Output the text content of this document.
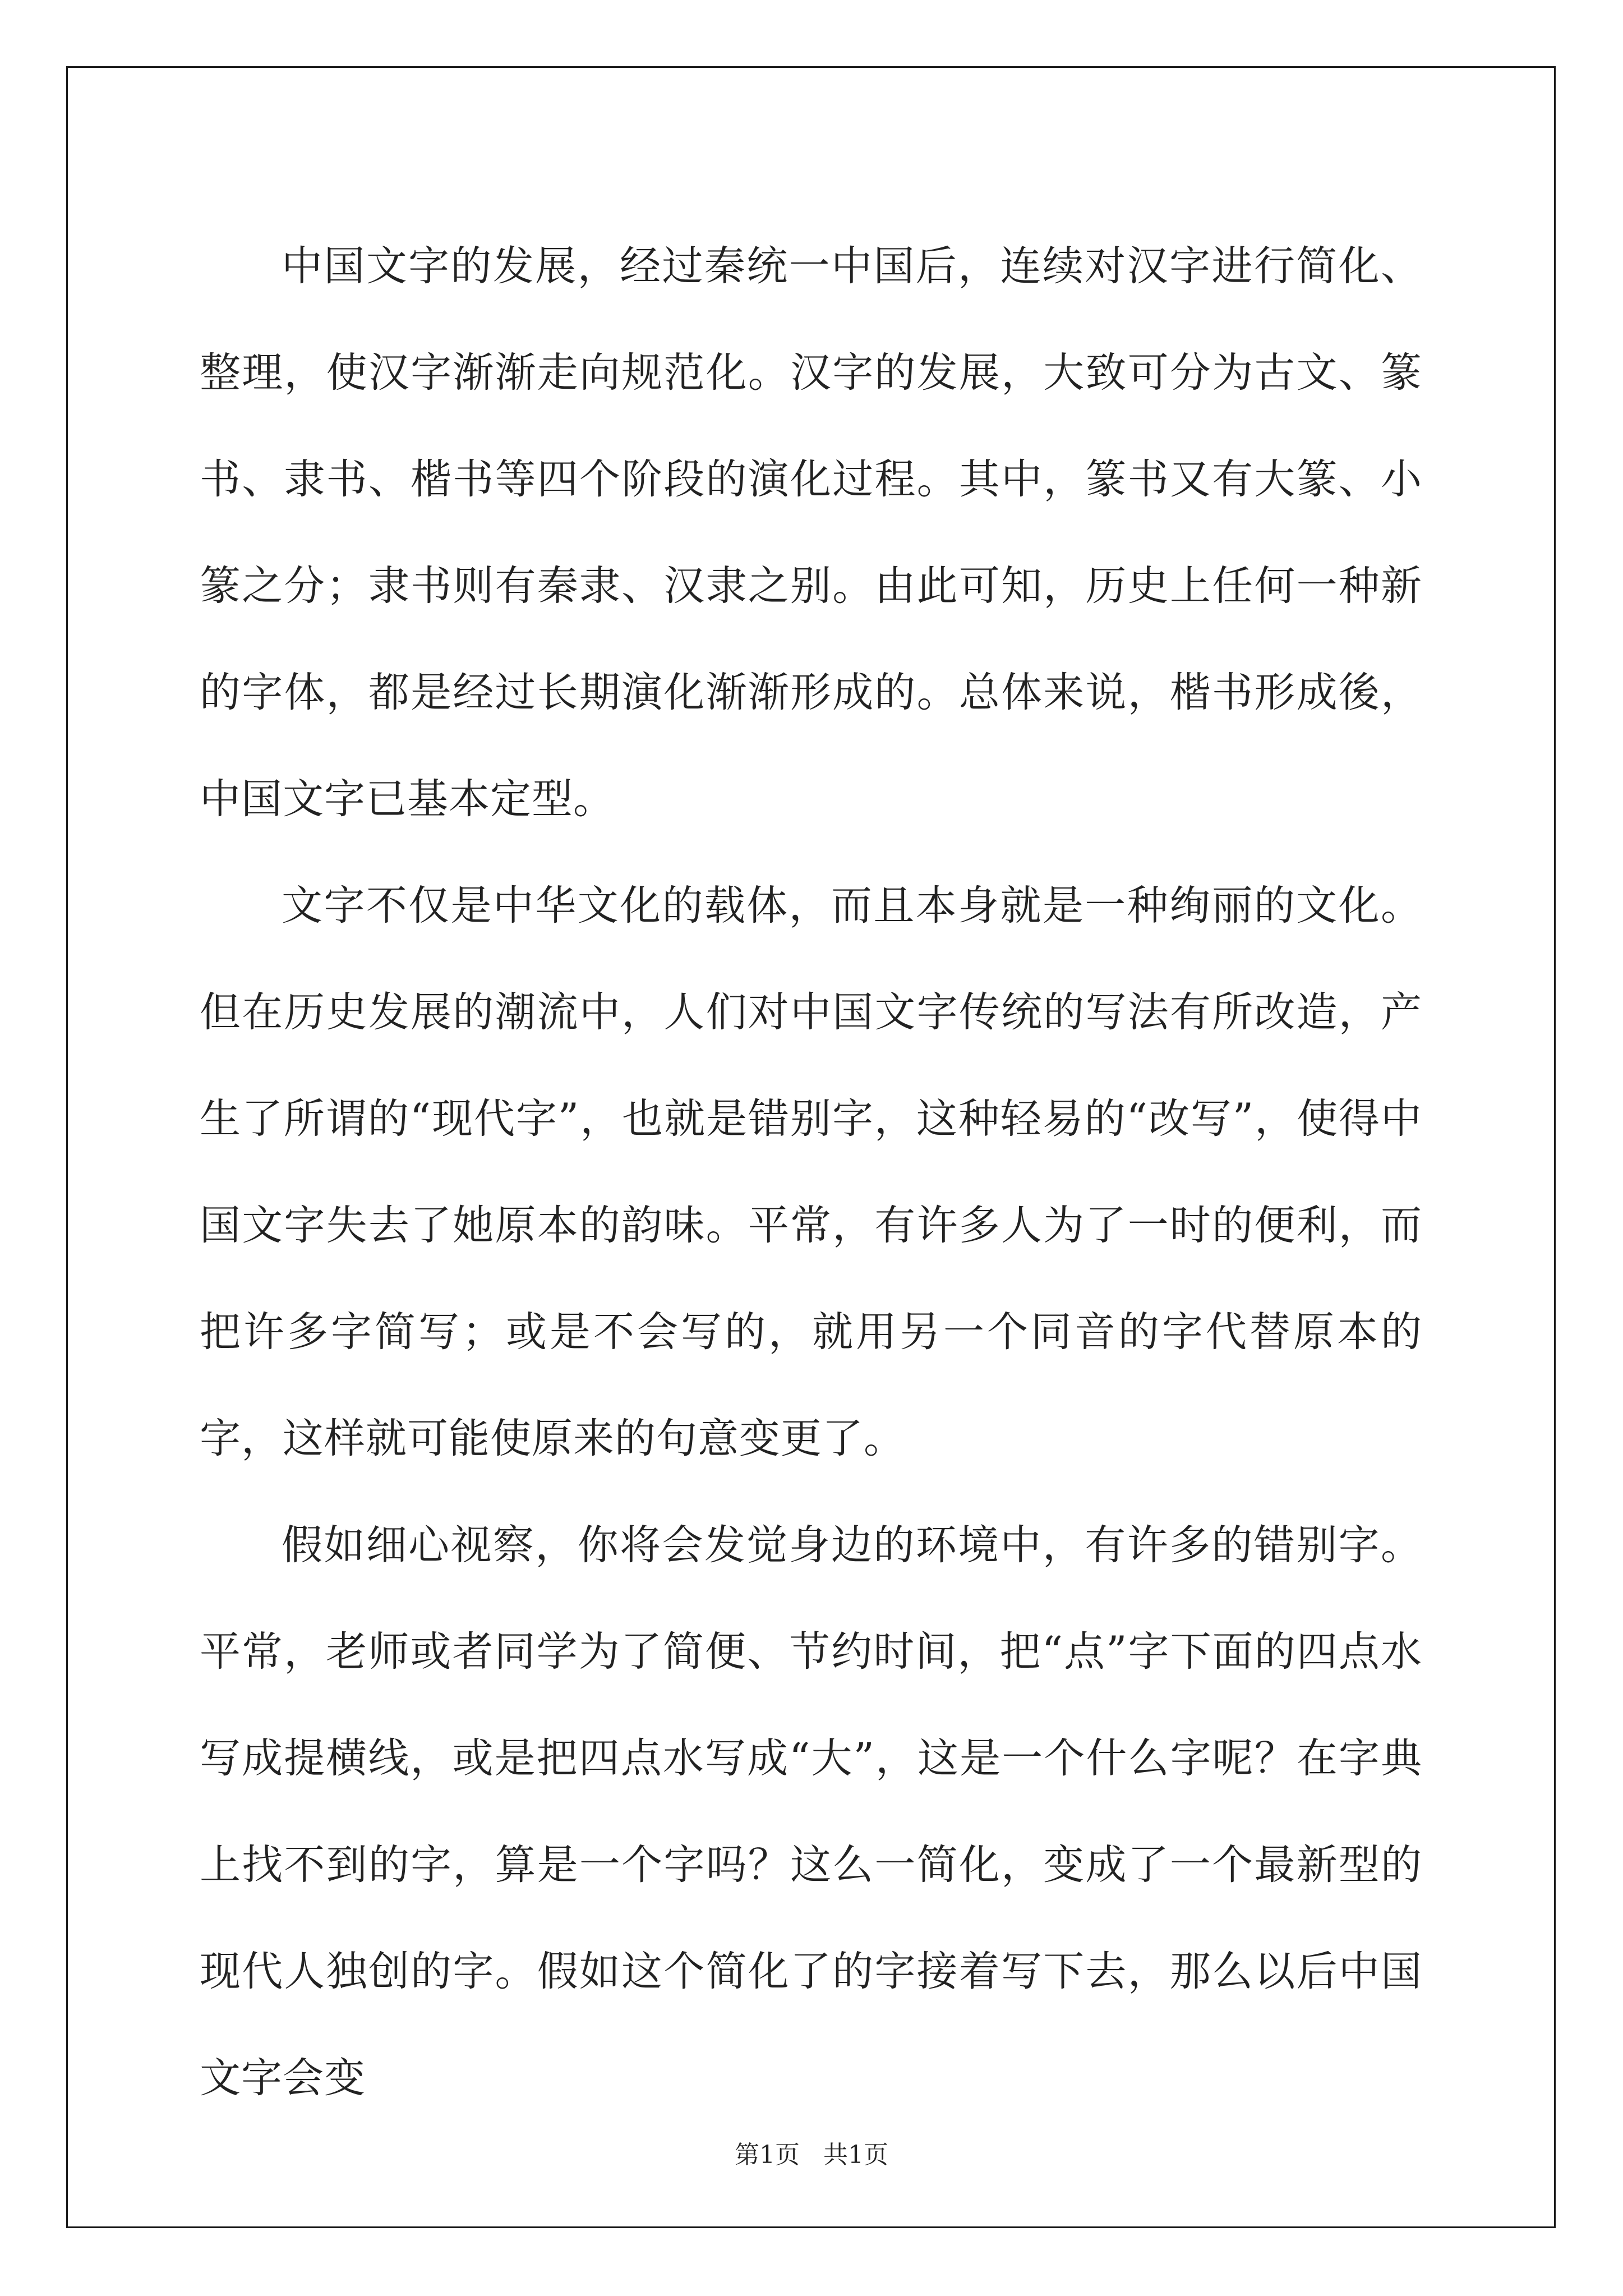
中国文字的发展，经过秦统一中国后，连续对汉字进行简化、整理，使汉字渐渐走向规范化。汉字的发展，大致可分为古文、篆书、隶书、楷书等四个阶段的演化过程。其中，篆书又有大篆、小篆之分；隶书则有秦隶、汉隶之别。由此可知，历史上任何一种新的字体，都是经过长期演化渐渐形成的。总体来说，楷书形成後，中国文字已基本定型。

文字不仅是中华文化的载体，而且本身就是一种绚丽的文化。但在历史发展的潮流中，人们对中国文字传统的写法有所改造，产生了所谓的“现代字”，也就是错别字，这种轻易的“改写”，使得中国文字失去了她原本的韵味。平常，有许多人为了一时的便利，而把许多字简写；或是不会写的，就用另一个同音的字代替原本的字，这样就可能使原来的句意变更了。

假如细心视察，你将会发觉身边的环境中，有许多的错别字。平常，老师或者同学为了简便、节约时间，把“点”字下面的四点水写成提横线，或是把四点水写成“大”，这是一个什么字呢？在字典上找不到的字，算是一个字吗？这么一简化，变成了一个最新型的现代人独创的字。假如这个简化了的字接着写下去，那么以后中国文字会变

第1页   共1页
